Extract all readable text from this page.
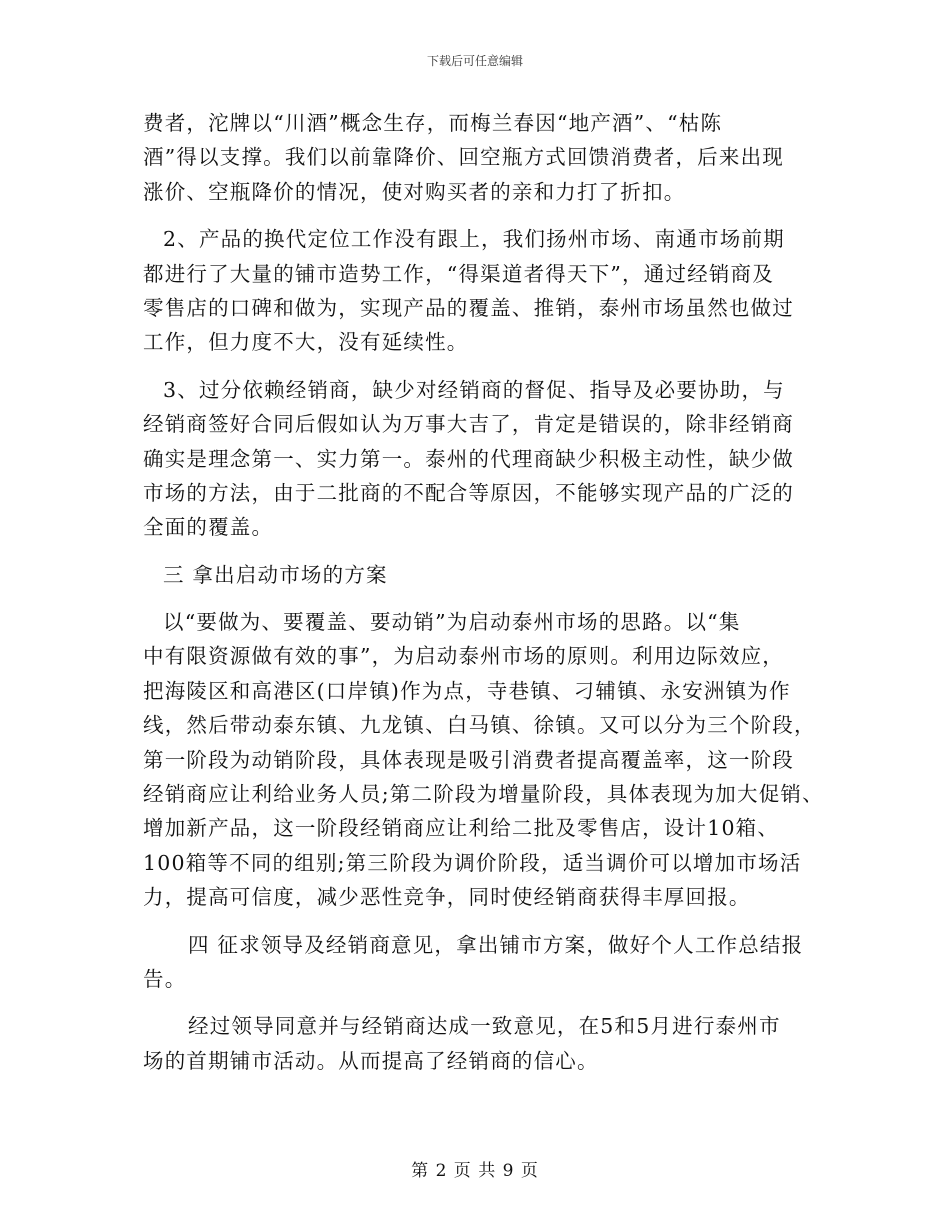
下载后可任意编辑
费者，沱牌以“川酒”概念生存，而梅兰春因“地产酒”、“枯陈
酒”得以支撑。我们以前靠降价、回空瓶方式回馈消费者，后来出现
涨价、空瓶降价的情况，使对购买者的亲和力打了折扣。
2、产品的换代定位工作没有跟上，我们扬州市场、南通市场前期
都进行了大量的铺市造势工作，“得渠道者得天下”，通过经销商及
零售店的口碑和做为，实现产品的覆盖、推销，泰州市场虽然也做过
工作，但力度不大，没有延续性。
3、过分依赖经销商，缺少对经销商的督促、指导及必要协助，与
经销商签好合同后假如认为万事大吉了，肯定是错误的，除非经销商
确实是理念第一、实力第一。泰州的代理商缺少积极主动性，缺少做
市场的方法，由于二批商的不配合等原因，不能够实现产品的广泛的
全面的覆盖。
三 拿出启动市场的方案
以“要做为、要覆盖、要动销”为启动泰州市场的思路。以“集
中有限资源做有效的事”，为启动泰州市场的原则。利用边际效应，
把海陵区和高港区(口岸镇)作为点，寺巷镇、刁辅镇、永安洲镇为作
线，然后带动泰东镇、九龙镇、白马镇、徐镇。又可以分为三个阶段，
第一阶段为动销阶段，具体表现是吸引消费者提高覆盖率，这一阶段
经销商应让利给业务人员;第二阶段为增量阶段，具体表现为加大促销、
增加新产品，这一阶段经销商应让利给二批及零售店，设计10箱、
100箱等不同的组别;第三阶段为调价阶段，适当调价可以增加市场活
力，提高可信度，减少恶性竞争，同时使经销商获得丰厚回报。
四 征求领导及经销商意见，拿出铺市方案，做好个人工作总结报
告。
经过领导同意并与经销商达成一致意见，在5和5月进行泰州市
场的首期铺市活动。从而提高了经销商的信心。
第 2 页 共 9 页
